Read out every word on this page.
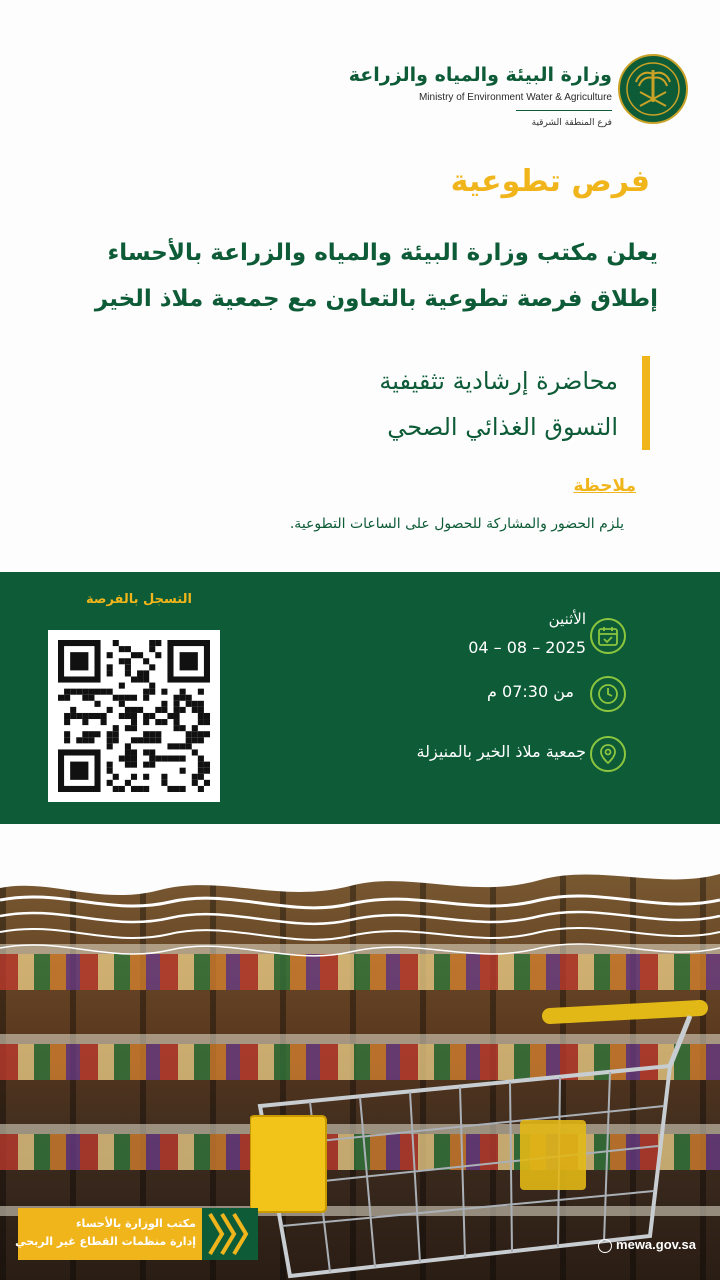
وزارة البيئة والمياه والزراعة
Ministry of Environment Water & Agriculture
فرع المنطقة الشرقية
فرص تطوعية
يعلن مكتب وزارة البيئة والمياه والزراعة بالأحساء
إطلاق فرصة تطوعية بالتعاون مع جمعية ملاذ الخير
محاضرة إرشادية تثقيفية
التسوق الغذائي الصحي
ملاحظة
يلزم الحضور والمشاركة للحصول على الساعات التطوعية.
التسجل بالفرصة
الأثنين
2025 – 08 – 04
من 07:30 م
جمعية ملاذ الخير بالمنيزلة
مكتب الوزارة بالأحساء
إدارة منظمات القطاع غير الربحي	mewa.gov.sa
